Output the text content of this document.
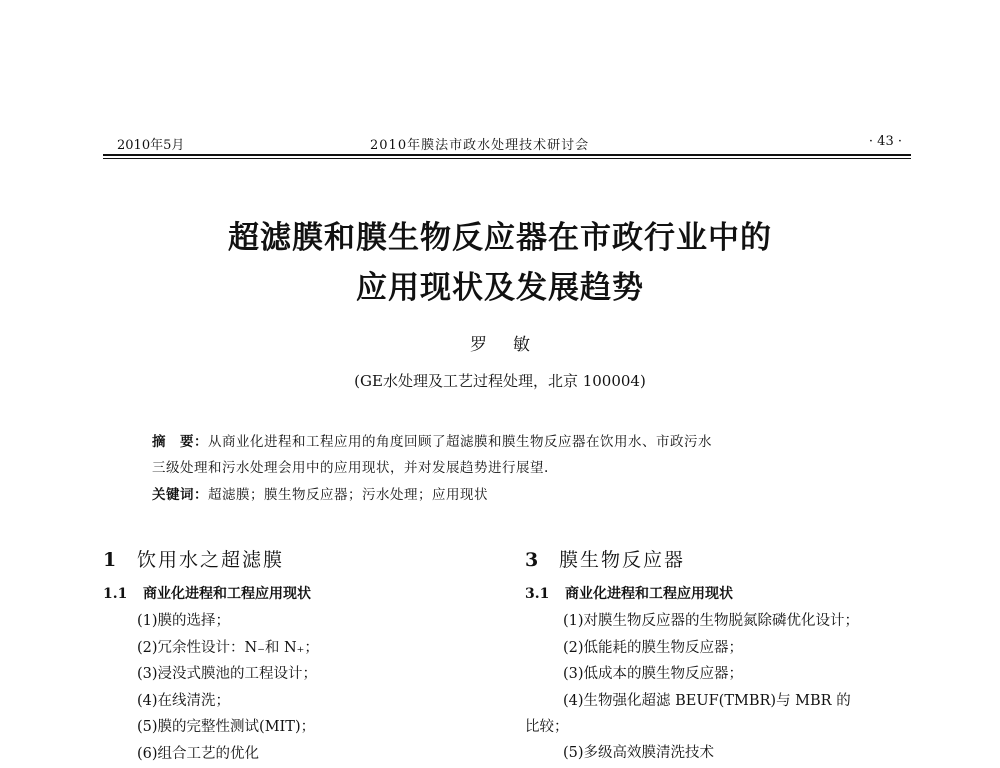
2010年5月	2010年膜法市政水处理技术研讨会	· 43 ·
超滤膜和膜生物反应器在市政行业中的
应用现状及发展趋势
罗敏
(GE水处理及工艺过程处理，北京 100004)
摘　要：从商业化进程和工程应用的角度回顾了超滤膜和膜生物反应器在饮用水、市政污水
三级处理和污水处理会用中的应用现状，并对发展趋势进行展望.
关键词：超滤膜；膜生物反应器；污水处理；应用现状
1 饮用水之超滤膜
1.1 商业化进程和工程应用现状
(1)膜的选择；
(2)冗余性设计：N₋和 N₊；
(3)浸没式膜池的工程设计；
(4)在线清洗；
(5)膜的完整性测试(MIT)；
(6)组合工艺的优化
3 膜生物反应器
3.1 商业化进程和工程应用现状
(1)对膜生物反应器的生物脱氮除磷优化设计；
(2)低能耗的膜生物反应器；
(3)低成本的膜生物反应器；
(4)生物强化超滤 BEUF(TMBR)与 MBR 的
比较；
(5)多级高效膜清洗技术
